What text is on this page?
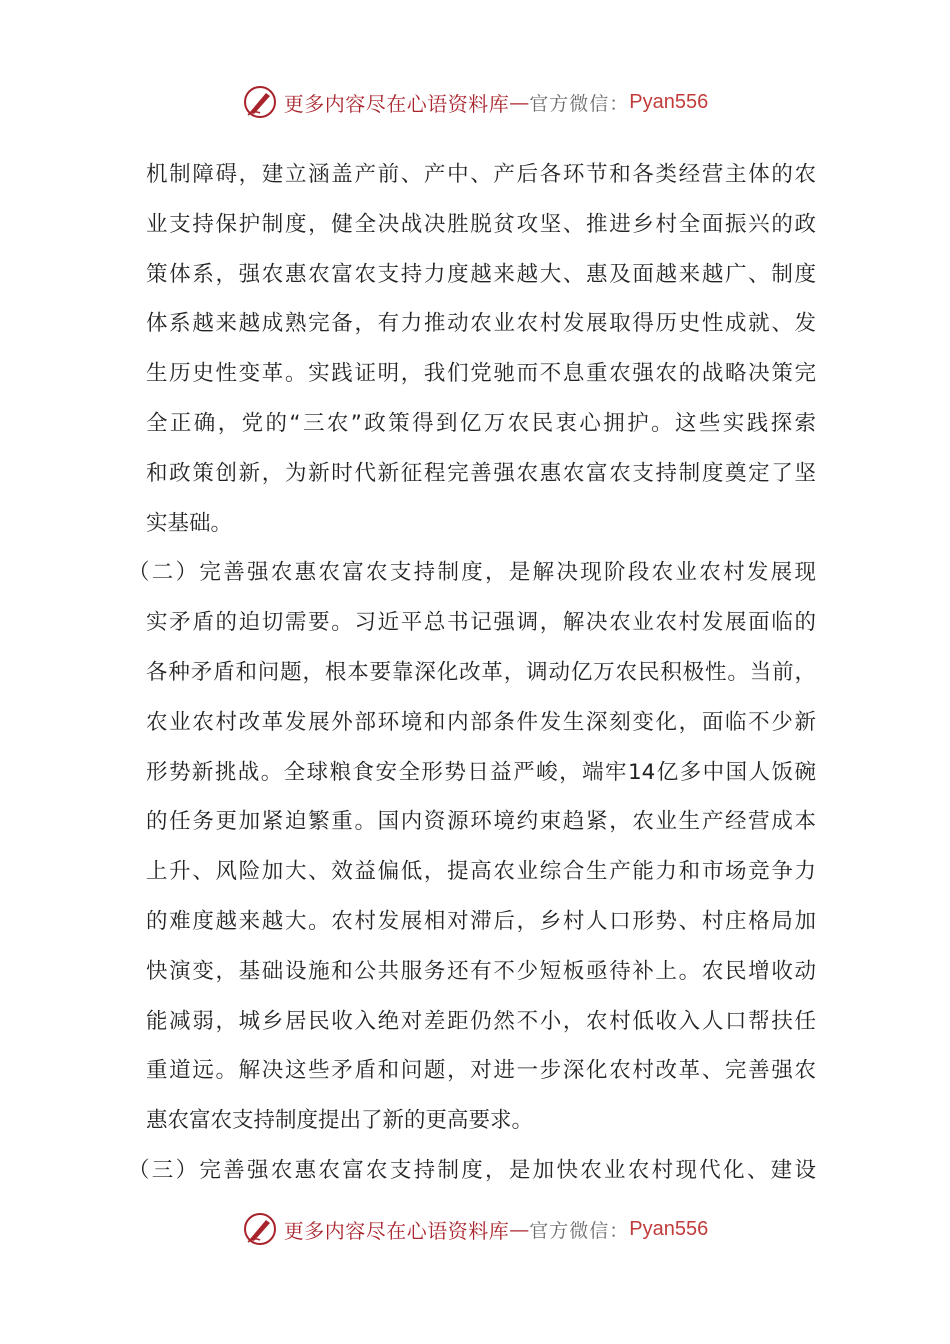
更多内容尽在心语资料库 — 官方微信： Pyan556
机制障碍，建立涵盖产前、产中、产后各环节和各类经营主体的农
业支持保护制度，健全决战决胜脱贫攻坚、推进乡村全面振兴的政
策体系，强农惠农富农支持力度越来越大、惠及面越来越广、制度
体系越来越成熟完备，有力推动农业农村发展取得历史性成就、发
生历史性变革。实践证明，我们党驰而不息重农强农的战略决策完
全正确，党的“三农”政策得到亿万农民衷心拥护。这些实践探索
和政策创新，为新时代新征程完善强农惠农富农支持制度奠定了坚
实基础。
（二）完善强农惠农富农支持制度，是解决现阶段农业农村发展现
实矛盾的迫切需要。习近平总书记强调，解决农业农村发展面临的
各种矛盾和问题，根本要靠深化改革，调动亿万农民积极性。当前，
农业农村改革发展外部环境和内部条件发生深刻变化，面临不少新
形势新挑战。全球粮食安全形势日益严峻，端牢14亿多中国人饭碗
的任务更加紧迫繁重。国内资源环境约束趋紧，农业生产经营成本
上升、风险加大、效益偏低，提高农业综合生产能力和市场竞争力
的难度越来越大。农村发展相对滞后，乡村人口形势、村庄格局加
快演变，基础设施和公共服务还有不少短板亟待补上。农民增收动
能减弱，城乡居民收入绝对差距仍然不小，农村低收入人口帮扶任
重道远。解决这些矛盾和问题，对进一步深化农村改革、完善强农
惠农富农支持制度提出了新的更高要求。
（三）完善强农惠农富农支持制度，是加快农业农村现代化、建设
更多内容尽在心语资料库 — 官方微信： Pyan556
